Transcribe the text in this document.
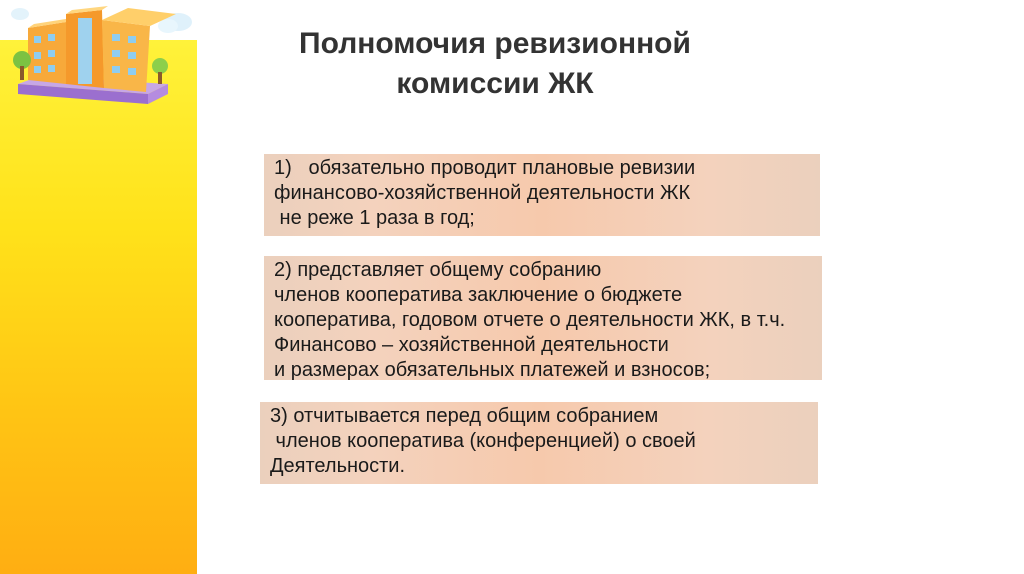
Полномочия ревизионной
комиссии ЖК
1)   обязательно проводит плановые ревизии
финансово-хозяйственной деятельности ЖК
не реже 1 раза в год;
2) представляет общему собранию
членов кооператива заключение о бюджете
кооператива, годовом отчете о деятельности ЖК, в т.ч.
Финансово – хозяйственной деятельности
и размерах обязательных платежей и взносов;
3) отчитывается перед общим собранием
членов кооператива (конференцией) о своей
Деятельности.
